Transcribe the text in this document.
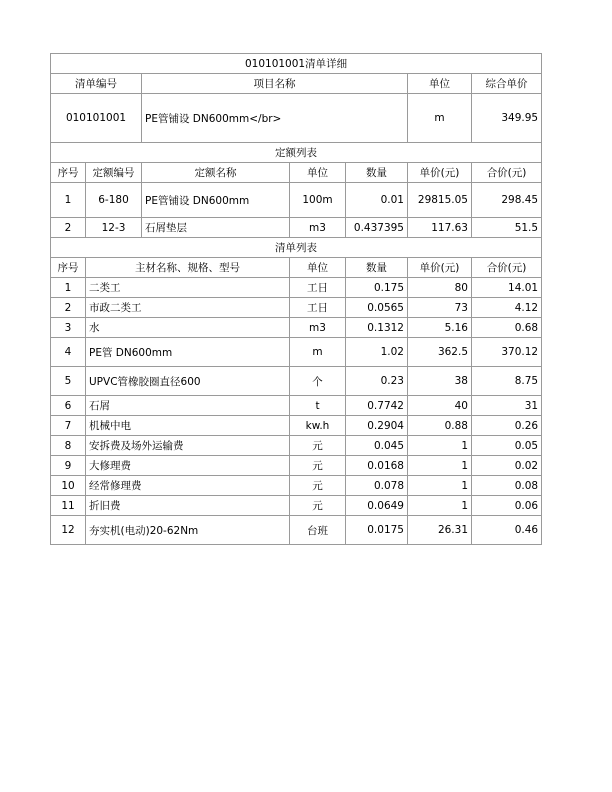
010101001清单详细						
清单编号		项目名称			单位	综合单价
010101001		PE管铺设 DN600mm</br>			m	349.95
定额列表						
序号	定额编号	定额名称	单位	数量	单价(元)	合价(元)
1	6-180	PE管铺设 DN600mm	100m	0.01	29815.05	298.45
2	12-3	石屑垫层	m3	0.437395	117.63	51.5
清单列表						
序号	主材名称、规格、型号		单位	数量	单价(元)	合价(元)
1	二类工		工日	0.175	80	14.01
2	市政二类工		工日	0.0565	73	4.12
3	水		m3	0.1312	5.16	0.68
4	PE管 DN600mm		m	1.02	362.5	370.12
5	UPVC管橡胶圈直径600		个	0.23	38	8.75
6	石屑		t	0.7742	40	31
7	机械中电		kw.h	0.2904	0.88	0.26
8	安拆费及场外运输费		元	0.045	1	0.05
9	大修理费		元	0.0168	1	0.02
10	经常修理费		元	0.078	1	0.08
11	折旧费		元	0.0649	1	0.06
12	夯实机(电动)20-62Nm		台班	0.0175	26.31	0.46
